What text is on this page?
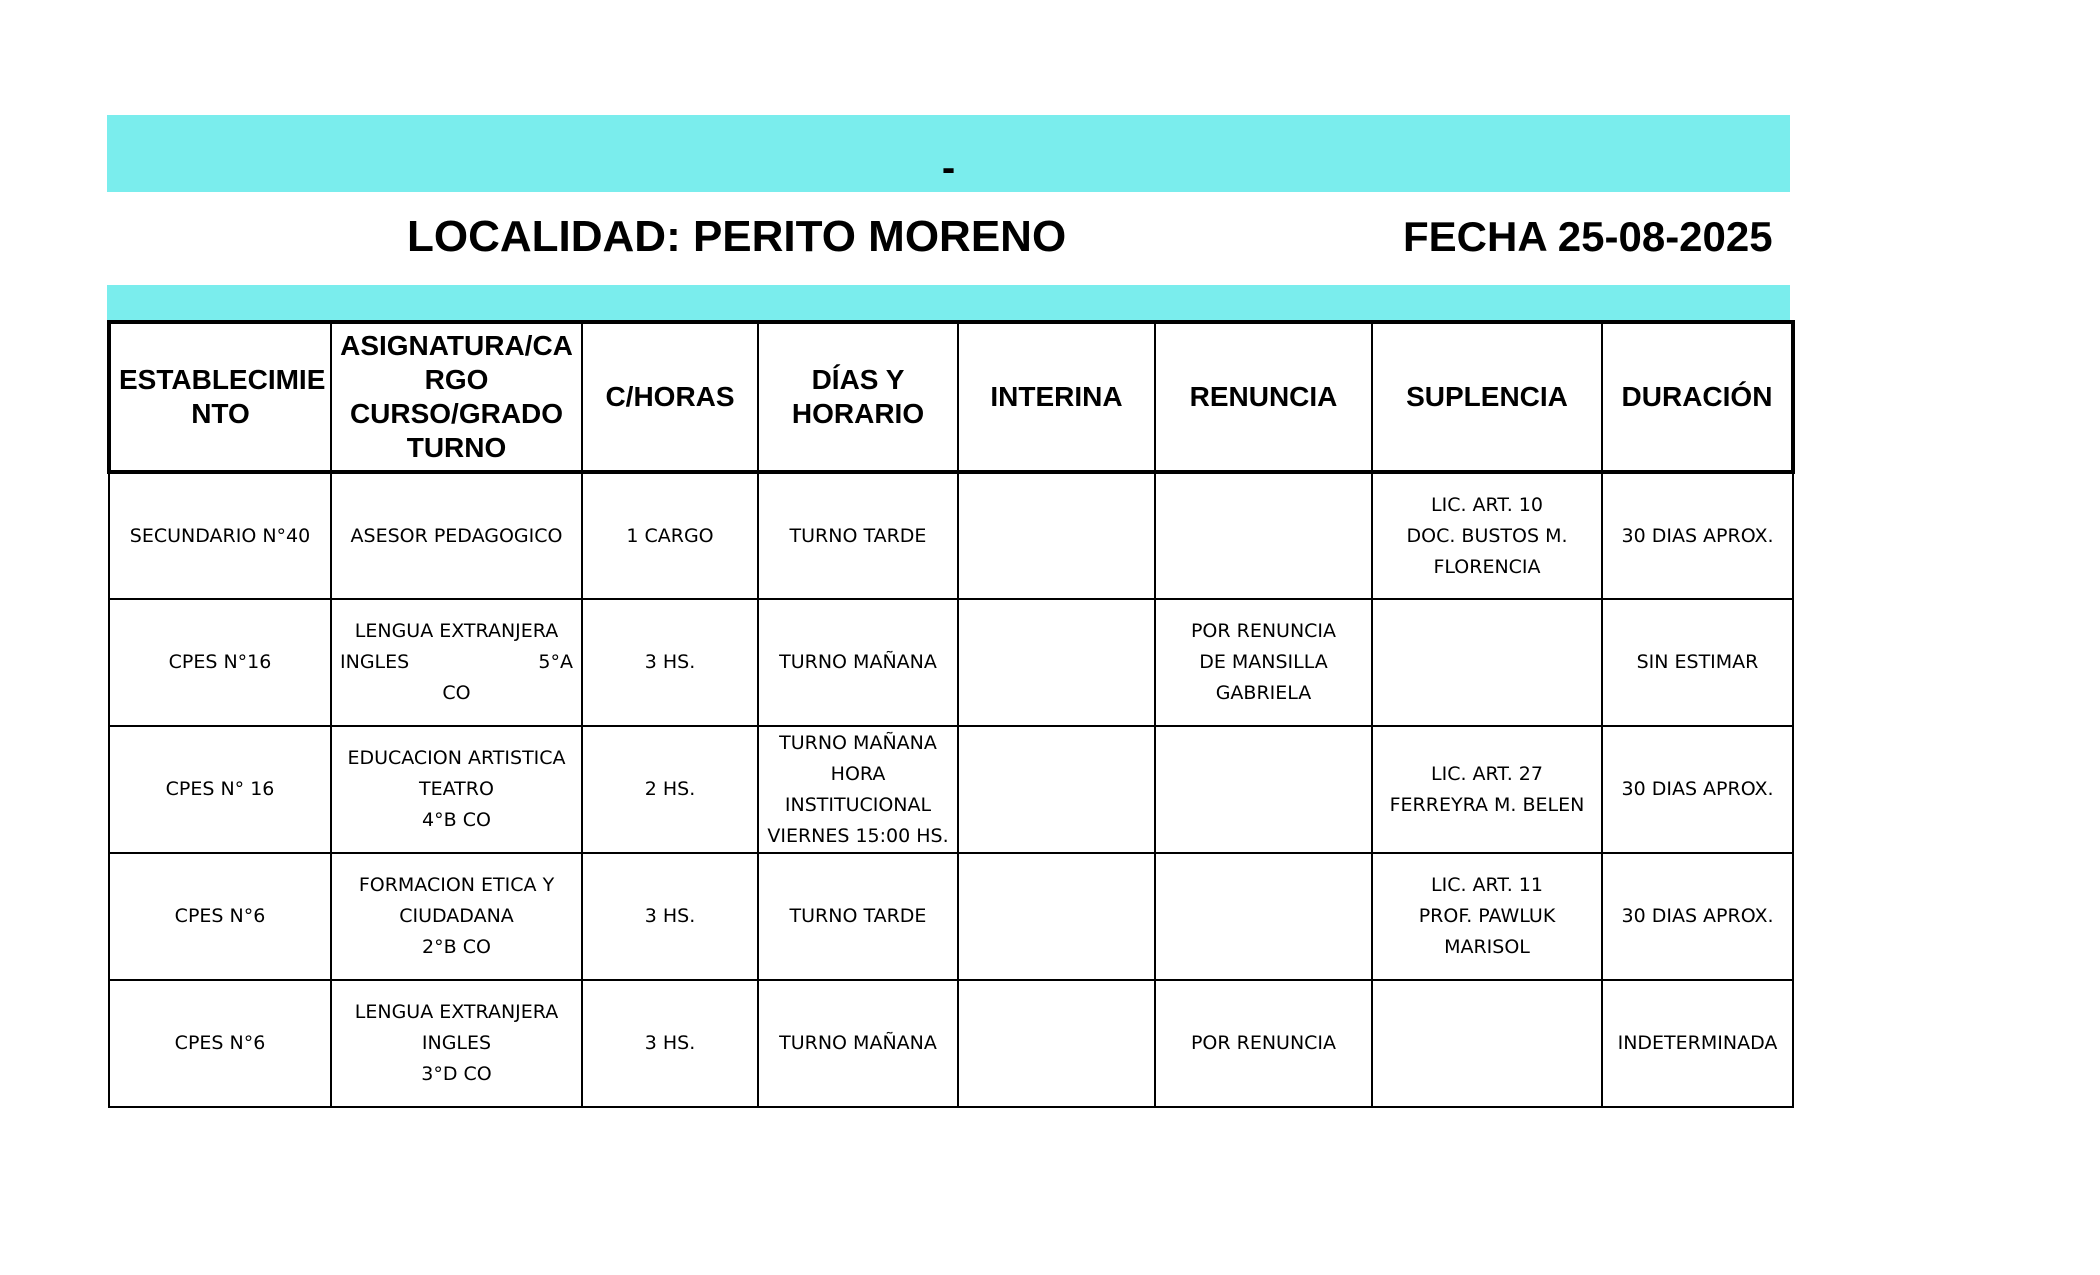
-
LOCALIDAD: PERITO MORENO	FECHA 25-08-2025
ESTABLECIMIE
NTO	ASIGNATURA/CA
RGO
CURSO/GRADO
TURNO	C/HORAS	DÍAS Y
HORARIO	INTERINA	RENUNCIA	SUPLENCIA	DURACIÓN

SECUNDARIO N°40	ASESOR PEDAGOGICO	1 CARGO	TURNO TARDE			LIC. ART. 10
DOC. BUSTOS M.
FLORENCIA	30 DIAS APROX.

CPES N°16	LENGUA EXTRANJERA
INGLES 5°A
CO	3 HS.	TURNO MAÑANA		POR RENUNCIA
DE MANSILLA
GABRIELA		SIN ESTIMAR

CPES N° 16	EDUCACION ARTISTICA
TEATRO
4°B CO	2 HS.	TURNO MAÑANA
HORA
INSTITUCIONAL
VIERNES 15:00 HS.			LIC. ART. 27
FERREYRA M. BELEN	30 DIAS APROX.

CPES N°6	FORMACION ETICA Y
CIUDADANA
2°B CO	3 HS.	TURNO TARDE			LIC. ART. 11
PROF. PAWLUK
MARISOL	30 DIAS APROX.

CPES N°6	LENGUA EXTRANJERA
INGLES
3°D CO	3 HS.	TURNO MAÑANA		POR RENUNCIA		INDETERMINADA
